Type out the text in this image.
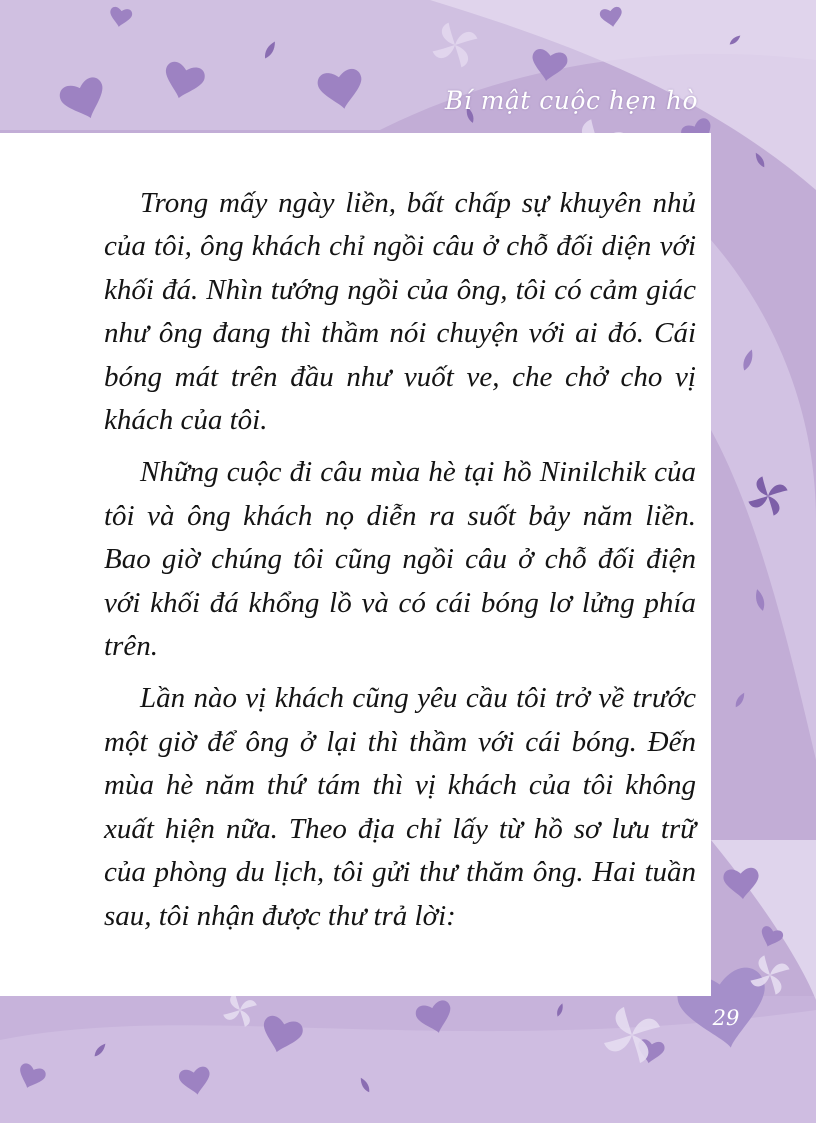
Bí mật cuộc hẹn hò

Trong mấy ngày liền, bất chấp sự khuyên nhủ của tôi, ông khách chỉ ngồi câu ở chỗ đối diện với khối đá. Nhìn tướng ngồi của ông, tôi có cảm giác như ông đang thì thầm nói chuyện với ai đó. Cái bóng mát trên đầu như vuốt ve, che chở cho vị khách của tôi.

Những cuộc đi câu mùa hè tại hồ Ninilchik của tôi và ông khách nọ diễn ra suốt bảy năm liền. Bao giờ chúng tôi cũng ngồi câu ở chỗ đối điện với khối đá khổng lồ và có cái bóng lơ lửng phía trên.

Lần nào vị khách cũng yêu cầu tôi trở về trước một giờ để ông ở lại thì thầm với cái bóng. Đến mùa hè năm thứ tám thì vị khách của tôi không xuất hiện nữa. Theo địa chỉ lấy từ hồ sơ lưu trữ của phòng du lịch, tôi gửi thư thăm ông. Hai tuần sau, tôi nhận được thư trả lời:

29
